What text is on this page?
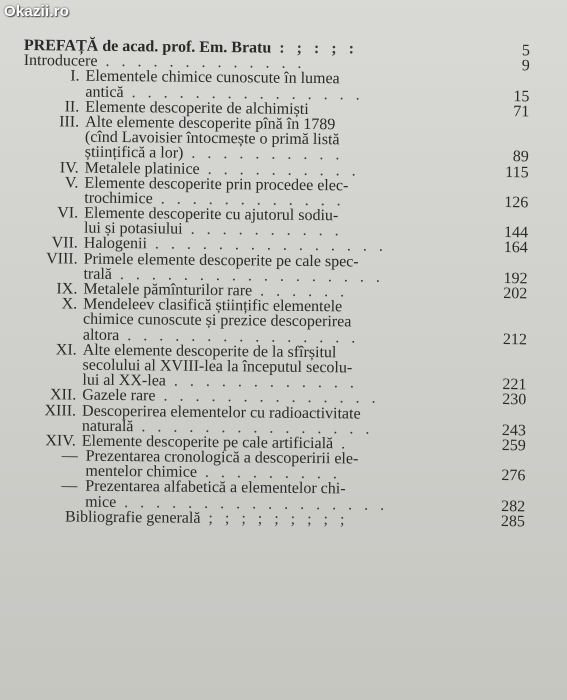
Okazii.ro
PREFAȚĂ de acad. prof. Em. Bratu : ; : ; :	5
Introducere . . . . . . . . . . . . .	9
I. Elementele chimice cunoscute în lumea
antică . . . . . . . . . . . . . . .	15
II. Elemente descoperite de alchimiști	71
III. Alte elemente descoperite pînă în 1789
(cînd Lavoisier întocmește o primă listă
științifică a lor) . . . . . . . . . .	89
IV. Metalele platinice . . . . . . . . . .	115
V. Elemente descoperite prin procedee elec-
trochimice . . . . . . . . . . . .	126
VI. Elemente descoperite cu ajutorul sodiu-
lui și potasiului . . . . . . . . . .	144
VII. Halogenii . . . . . . . . . . . . . . .	164
VIII. Primele elemente descoperite pe cale spec-
trală . . . . . . . . . . . . . . . . .	192
IX. Metalele pămînturilor rare . . . . . .	202
X. Mendeleev clasifică științific elementele
chimice cunoscute și prezice descoperirea
altora . . . . . . . . . . . . . . .	212
XI. Alte elemente descoperite de la sfîrșitul
secolului al XVIII-lea la începutul secolu-
lui al XX-lea . . . . . . . . . . . .	221
XII. Gazele rare . . . . . . . . . . . . . .	230
XIII. Descoperirea elementelor cu radioactivitate
naturală . . . . . . . . . . . . . . .	243
XIV. Elemente descoperite pe cale artificială .	259
— Prezentarea cronologică a descoperirii ele-
mentelor chimice . . . . . . . . .	276
— Prezentarea alfabetică a elementelor chi-
mice . . . . . . . . . . . . . . . . .	282
Bibliografie generală ; ; ; ; ; ; ; ; ;	285
